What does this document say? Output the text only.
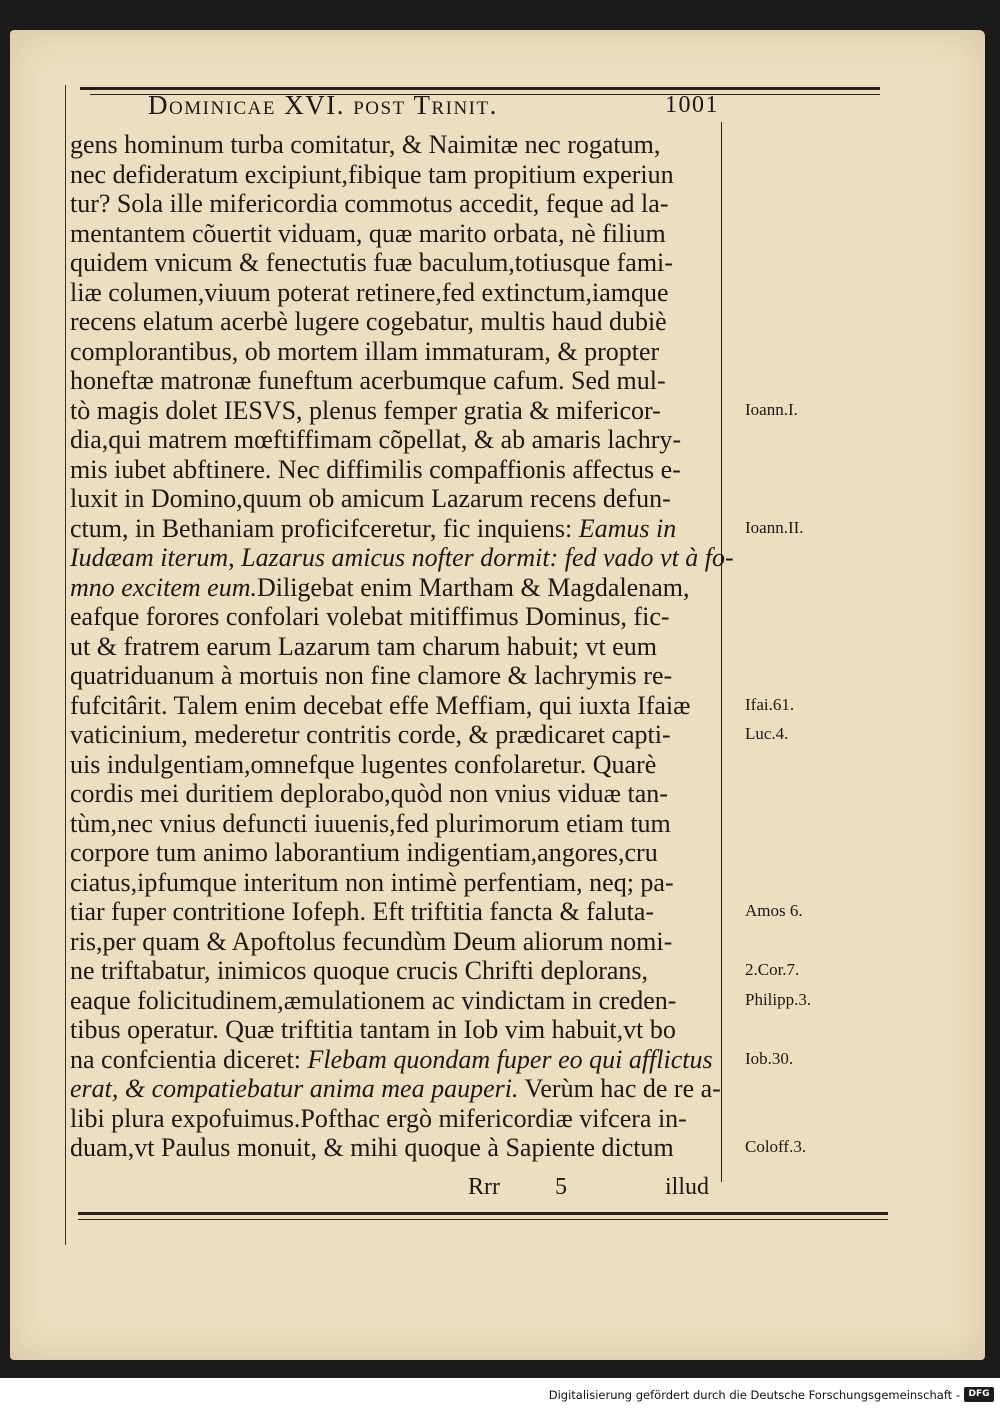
Dominicae XVI. post Trinit.	1001
gens hominum turba comitatur, & Naimitæ nec rogatum,
nec defideratum excipiunt,fibique tam propitium experiun
tur? Sola ille mifericordia commotus accedit, feque ad la-
mentantem cõuertit viduam, quæ marito orbata, nè filium
quidem vnicum & fenectutis fuæ baculum,totiusque fami-
liæ columen,viuum poterat retinere,fed extinctum,iamque
recens elatum acerbè lugere cogebatur, multis haud dubiè
complorantibus, ob mortem illam immaturam, & propter
honeftæ matronæ funeftum acerbumque cafum. Sed mul-
tò magis dolet IESVS, plenus femper gratia & mifericor-
dia,qui matrem mœftiffimam cõpellat, & ab amaris lachry-
mis iubet abftinere. Nec diffimilis compaffionis affectus e-
luxit in Domino,quum ob amicum Lazarum recens defun-
ctum, in Bethaniam proficifceretur, fic inquiens: Eamus in
Iudæam iterum, Lazarus amicus nofter dormit: fed vado vt à fo-
mno excitem eum.Diligebat enim Martham & Magdalenam,
eafque forores confolari volebat mitiffimus Dominus, fic-
ut & fratrem earum Lazarum tam charum habuit; vt eum
quatriduanum à mortuis non fine clamore & lachrymis re-
fufcitârit. Talem enim decebat effe Meffiam, qui iuxta Ifaiæ
vaticinium, mederetur contritis corde, & prædicaret capti-
uis indulgentiam,omnefque lugentes confolaretur. Quarè
cordis mei duritiem deplorabo,quòd non vnius viduæ tan-
tùm,nec vnius defuncti iuuenis,fed plurimorum etiam tum
corpore tum animo laborantium indigentiam,angores,cru
ciatus,ipfumque interitum non intimè perfentiam, neq; pa-
tiar fuper contritione Iofeph. Eft triftitia fancta & faluta-
ris,per quam & Apoftolus fecundùm Deum aliorum nomi-
ne triftabatur, inimicos quoque crucis Chrifti deplorans,
eaque folicitudinem,æmulationem ac vindictam in creden-
tibus operatur. Quæ triftitia tantam in Iob vim habuit,vt bo
na confcientia diceret: Flebam quondam fuper eo qui afflictus
erat, & compatiebatur anima mea pauperi. Verùm hac de re a-
libi plura expofuimus.Pofthac ergò mifericordiæ vifcera in-
duam,vt Paulus monuit, & mihi quoque à Sapiente dictum
Ioann.I.
Ioann.II.
Ifai.61.
Luc.4.
Amos 6.
2.Cor.7.
Philipp.3.
Iob.30.
Coloff.3.
Rrr 5	illud
Digitalisierung gefördert durch die Deutsche Forschungsgemeinschaft - DFG
